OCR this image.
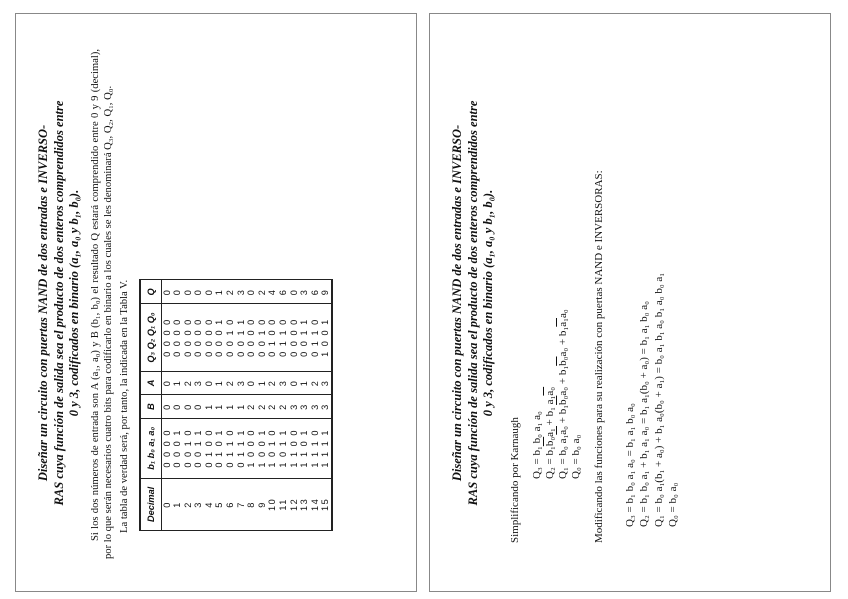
Diseñar un circuito con puertas NAND de dos entradas e INVERSO- RAS cuya función de salida sea el producto de dos enteros comprendidos entre 0 y 3, codificados en binario (a₁, a₀ y b₁, b₀). Si los dos números de entrada son A (a₁, a₀) y B (b₁, b₀) el resultado Q estará comprendido entre 0 y 9 (decimal), por lo que serán necesarios cuatro bits para codificarlo en binario a los cuales se les denominará Q₃, Q₂, Q₁, Q₀. La tabla de verdad será, por tanto, la indicada en la Tabla V. Decimal	b₁ b₀ a₁ a₀	B	A	Q₃ Q₂ Q₁ Q₀	Q
0	0 0 0 0	0	0	0 0 0 0	0
1	0 0 0 1	0	1	0 0 0 0	0
2	0 0 1 0	0	2	0 0 0 0	0
3	0 0 1 1	0	3	0 0 0 0	0
4	0 1 0 0	1	0	0 0 0 0	0
5	0 1 0 1	1	1	0 0 0 1	1
6	0 1 1 0	1	2	0 0 1 0	2
7	0 1 1 1	1	3	0 0 1 1	3
8	1 0 0 0	2	0	0 0 0 0	0
9	1 0 0 1	2	1	0 0 1 0	2
10	1 0 1 0	2	2	0 1 0 0	4
11	1 0 1 1	2	3	0 1 1 0	6
12	1 1 0 0	3	0	0 0 0 0	0
13	1 1 0 1	3	1	0 0 1 1	3
14	1 1 1 0	3	2	0 1 1 0	6
15	1 1 1 1	3	3	1 0 0 1	9	Diseñar un circuito con puertas NAND de dos entradas e INVERSO- RAS cuya función de salida sea el producto de dos enteros comprendidos entre 0 y 3, codificados en binario (a₁, a₀ y b₁, b₀).
Simplificando por Karnaugh Q₃ = b₁ b₀ a₁ a₀ Q₂ = b₁b₀a₁ + b₁ a₁a₀
Q₁ = b₀ a₁a₀ + b₁b₀a₀ + b₁b₀a₀ + b₁a₁a₀
Q₀ = b₀ a₀ Modificando las funciones para su realización con puertas NAND e INVERSORAS: Q₃ = b₁ b₀ a₁ a₀ = b₁ a₁ b₀ a₀ Q₂ = b₁ b₀ a₁ + b₁ a₁ a₀ = b₁ a₁(b₀ + a₀) = b₁ a₁ b₀ a₀ Q₁ = b₀ a₁(b₁ + a₀) + b₁ a₀(b₀ + a₁) = b₀ a₁ b₁ a₀ b₁ a₀ b₀ a₁ Q₀ = b₀ a₀
